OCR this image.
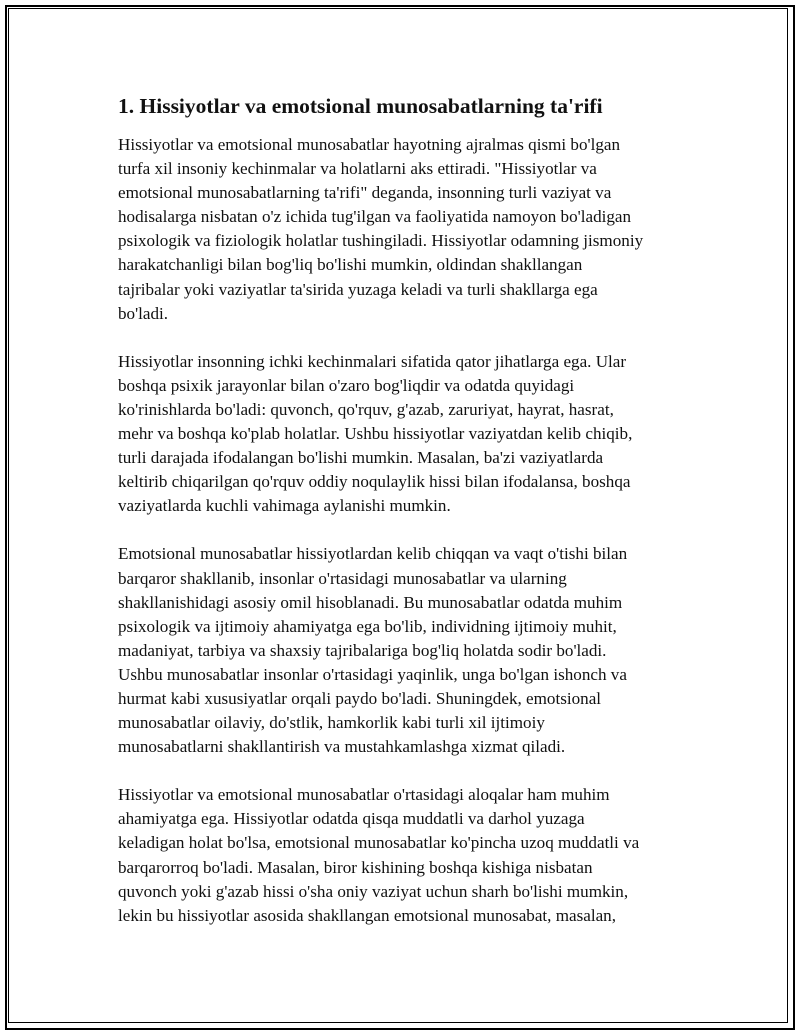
1. Hissiyotlar va emotsional munosabatlarning ta'rifi
Hissiyotlar va emotsional munosabatlar hayotning ajralmas qismi bo'lgan
turfa xil insoniy kechinmalar va holatlarni aks ettiradi. "Hissiyotlar va
emotsional munosabatlarning ta'rifi" deganda, insonning turli vaziyat va
hodisalarga nisbatan o'z ichida tug'ilgan va faoliyatida namoyon bo'ladigan
psixologik va fiziologik holatlar tushingiladi. Hissiyotlar odamning jismoniy
harakatchanligi bilan bog'liq bo'lishi mumkin, oldindan shakllangan
tajribalar yoki vaziyatlar ta'sirida yuzaga keladi va turli shakllarga ega
bo'ladi.
Hissiyotlar insonning ichki kechinmalari sifatida qator jihatlarga ega. Ular
boshqa psixik jarayonlar bilan o'zaro bog'liqdir va odatda quyidagi
ko'rinishlarda bo'ladi: quvonch, qo'rquv, g'azab, zaruriyat, hayrat, hasrat,
mehr va boshqa ko'plab holatlar. Ushbu hissiyotlar vaziyatdan kelib chiqib,
turli darajada ifodalangan bo'lishi mumkin. Masalan, ba'zi vaziyatlarda
keltirib chiqarilgan qo'rquv oddiy noqulaylik hissi bilan ifodalansa, boshqa
vaziyatlarda kuchli vahimaga aylanishi mumkin.
Emotsional munosabatlar hissiyotlardan kelib chiqqan va vaqt o'tishi bilan
barqaror shakllanib, insonlar o'rtasidagi munosabatlar va ularning
shakllanishidagi asosiy omil hisoblanadi. Bu munosabatlar odatda muhim
psixologik va ijtimoiy ahamiyatga ega bo'lib, individning ijtimoiy muhit,
madaniyat, tarbiya va shaxsiy tajribalariga bog'liq holatda sodir bo'ladi.
Ushbu munosabatlar insonlar o'rtasidagi yaqinlik, unga bo'lgan ishonch va
hurmat kabi xususiyatlar orqali paydo bo'ladi. Shuningdek, emotsional
munosabatlar oilaviy, do'stlik, hamkorlik kabi turli xil ijtimoiy
munosabatlarni shakllantirish va mustahkamlashga xizmat qiladi.
Hissiyotlar va emotsional munosabatlar o'rtasidagi aloqalar ham muhim
ahamiyatga ega. Hissiyotlar odatda qisqa muddatli va darhol yuzaga
keladigan holat bo'lsa, emotsional munosabatlar ko'pincha uzoq muddatli va
barqarorroq bo'ladi. Masalan, biror kishining boshqa kishiga nisbatan
quvonch yoki g'azab hissi o'sha oniy vaziyat uchun sharh bo'lishi mumkin,
lekin bu hissiyotlar asosida shakllangan emotsional munosabat, masalan,
